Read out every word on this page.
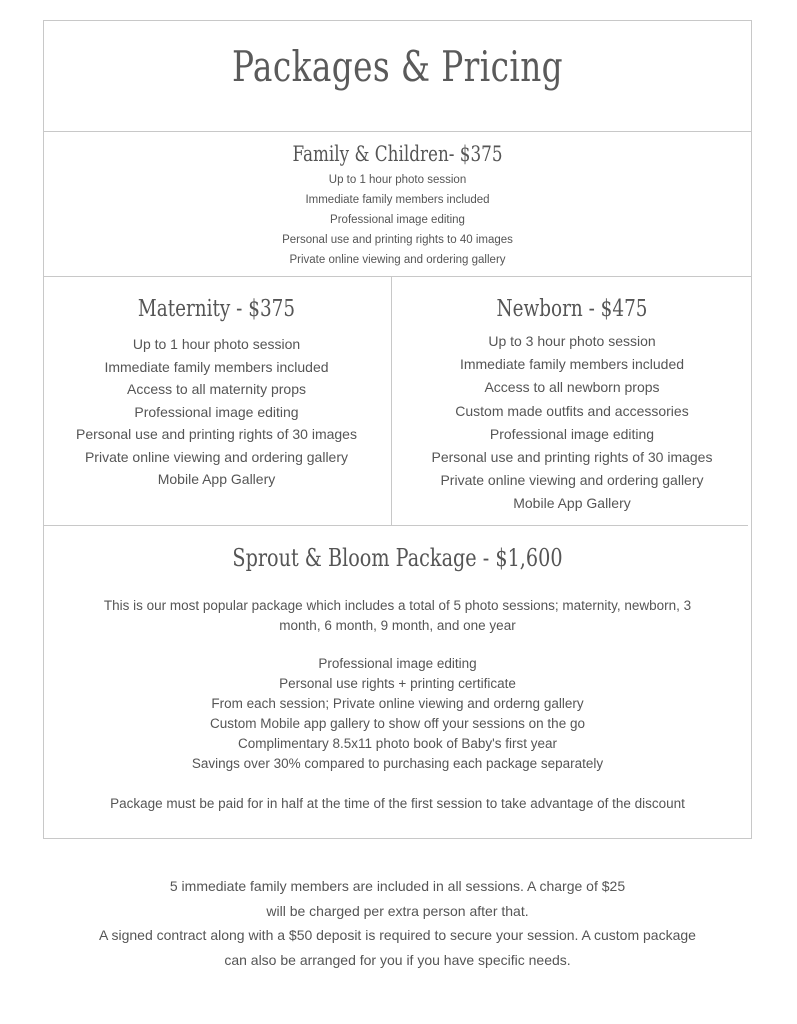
Packages & Pricing
Family & Children- $375
Up to 1 hour photo session
Immediate family members included
Professional image editing
Personal use and printing rights to 40 images
Private online viewing and ordering gallery
Maternity - $375
Up to 1 hour photo session
Immediate family members included
Access to all maternity props
Professional image editing
Personal use and printing rights of 30 images
Private online viewing and ordering gallery
Mobile App Gallery
Newborn - $475
Up to 3 hour photo session
Immediate family members included
Access to all newborn props
Custom made outfits and accessories
Professional image editing
Personal use and printing rights of 30 images
Private online viewing and ordering gallery
Mobile App Gallery
Sprout & Bloom Package - $1,600

This is our most popular package which includes a total of 5 photo sessions; maternity, newborn, 3 month, 6 month, 9 month, and one year

Professional image editing
Personal use rights + printing certificate
From each session; Private online viewing and orderng gallery
Custom Mobile app gallery to show off your sessions on the go
Complimentary 8.5x11 photo book of Baby's first year
Savings over 30% compared to purchasing each package separately

Package must be paid for in half at the time of the first session to take advantage of the discount

5 immediate family members are included in all sessions. A charge of $25

will be charged per extra person after that.

A signed contract along with a $50 deposit is required to secure your session. A custom package

can also be arranged for you if you have specific needs.
